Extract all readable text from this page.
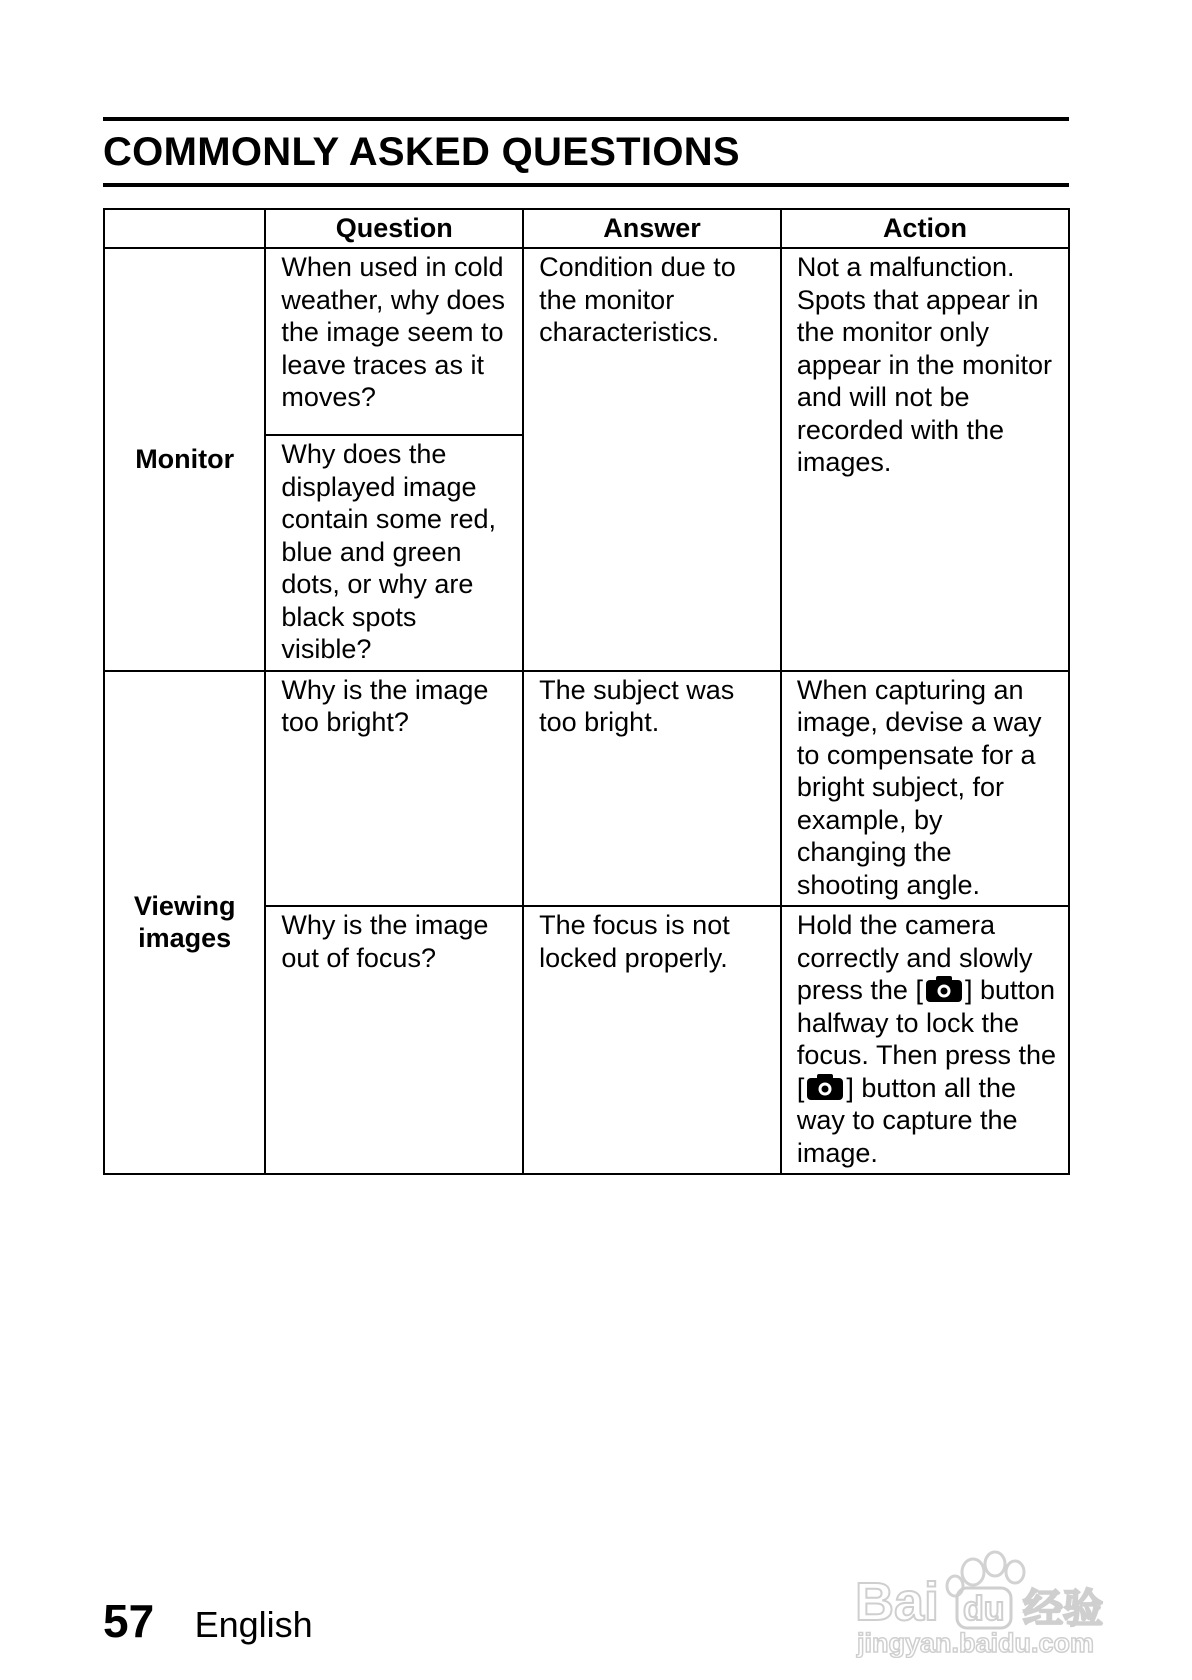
COMMONLY ASKED QUESTIONS
	Question	Answer	Action
Monitor	When used in cold weather, why does the image seem to leave traces as it moves?	Condition due to the monitor characteristics.	Not a malfunction. Spots that appear in the monitor only appear in the monitor and will not be recorded with the images.
	Why does the displayed image contain some red, blue and green dots, or why are black spots visible?		
Viewing images	Why is the image too bright?	The subject was too bright.	When capturing an image, devise a way to compensate for a bright subject, for example, by changing the shooting angle.
	Why is the image out of focus?	The focus is not locked properly.	Hold the camera correctly and slowly press the [ ] button halfway to lock the focus. Then press the [ ] button all the way to capture the image.
57 English	Bai du 经验
jingyan.baidu.com
